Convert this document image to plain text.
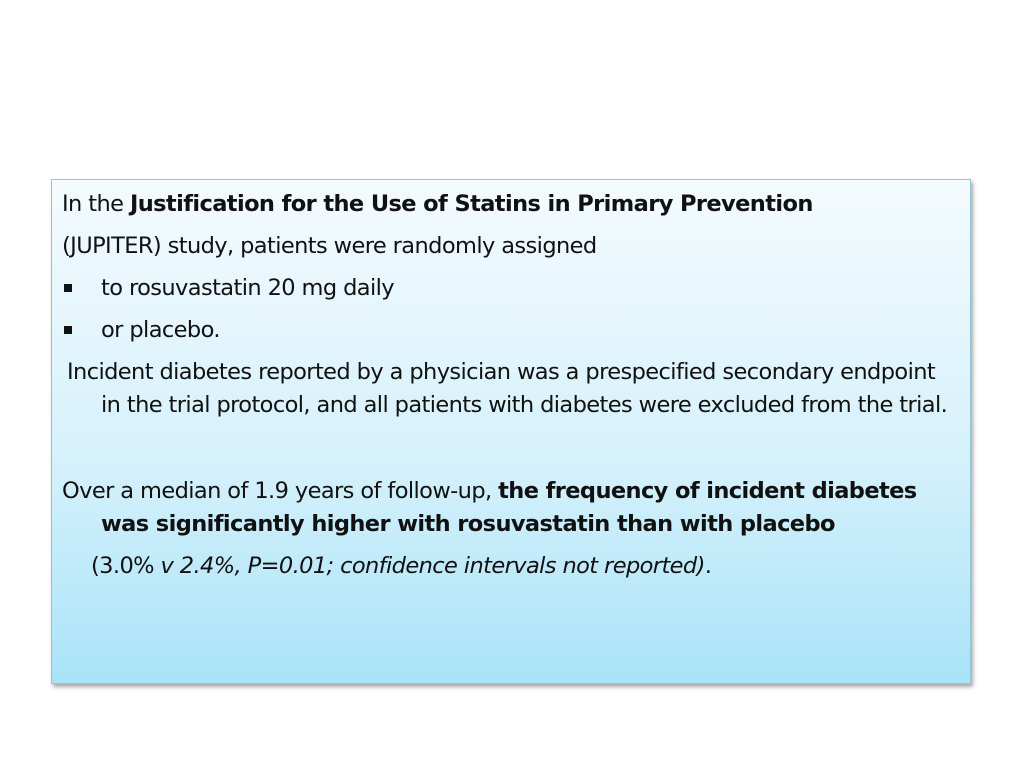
In the Justification for the Use of Statins in Primary Prevention
(JUPITER) study, patients were randomly assigned
to rosuvastatin 20 mg daily
or placebo.
Incident diabetes reported by a physician was a prespecified secondary endpoint in the trial protocol, and all patients with diabetes were excluded from the trial.
Over a median of 1.9 years of follow-up, the frequency of incident diabetes was significantly higher with rosuvastatin than with placebo
(3.0% v 2.4%, P=0.01; confidence intervals not reported).
